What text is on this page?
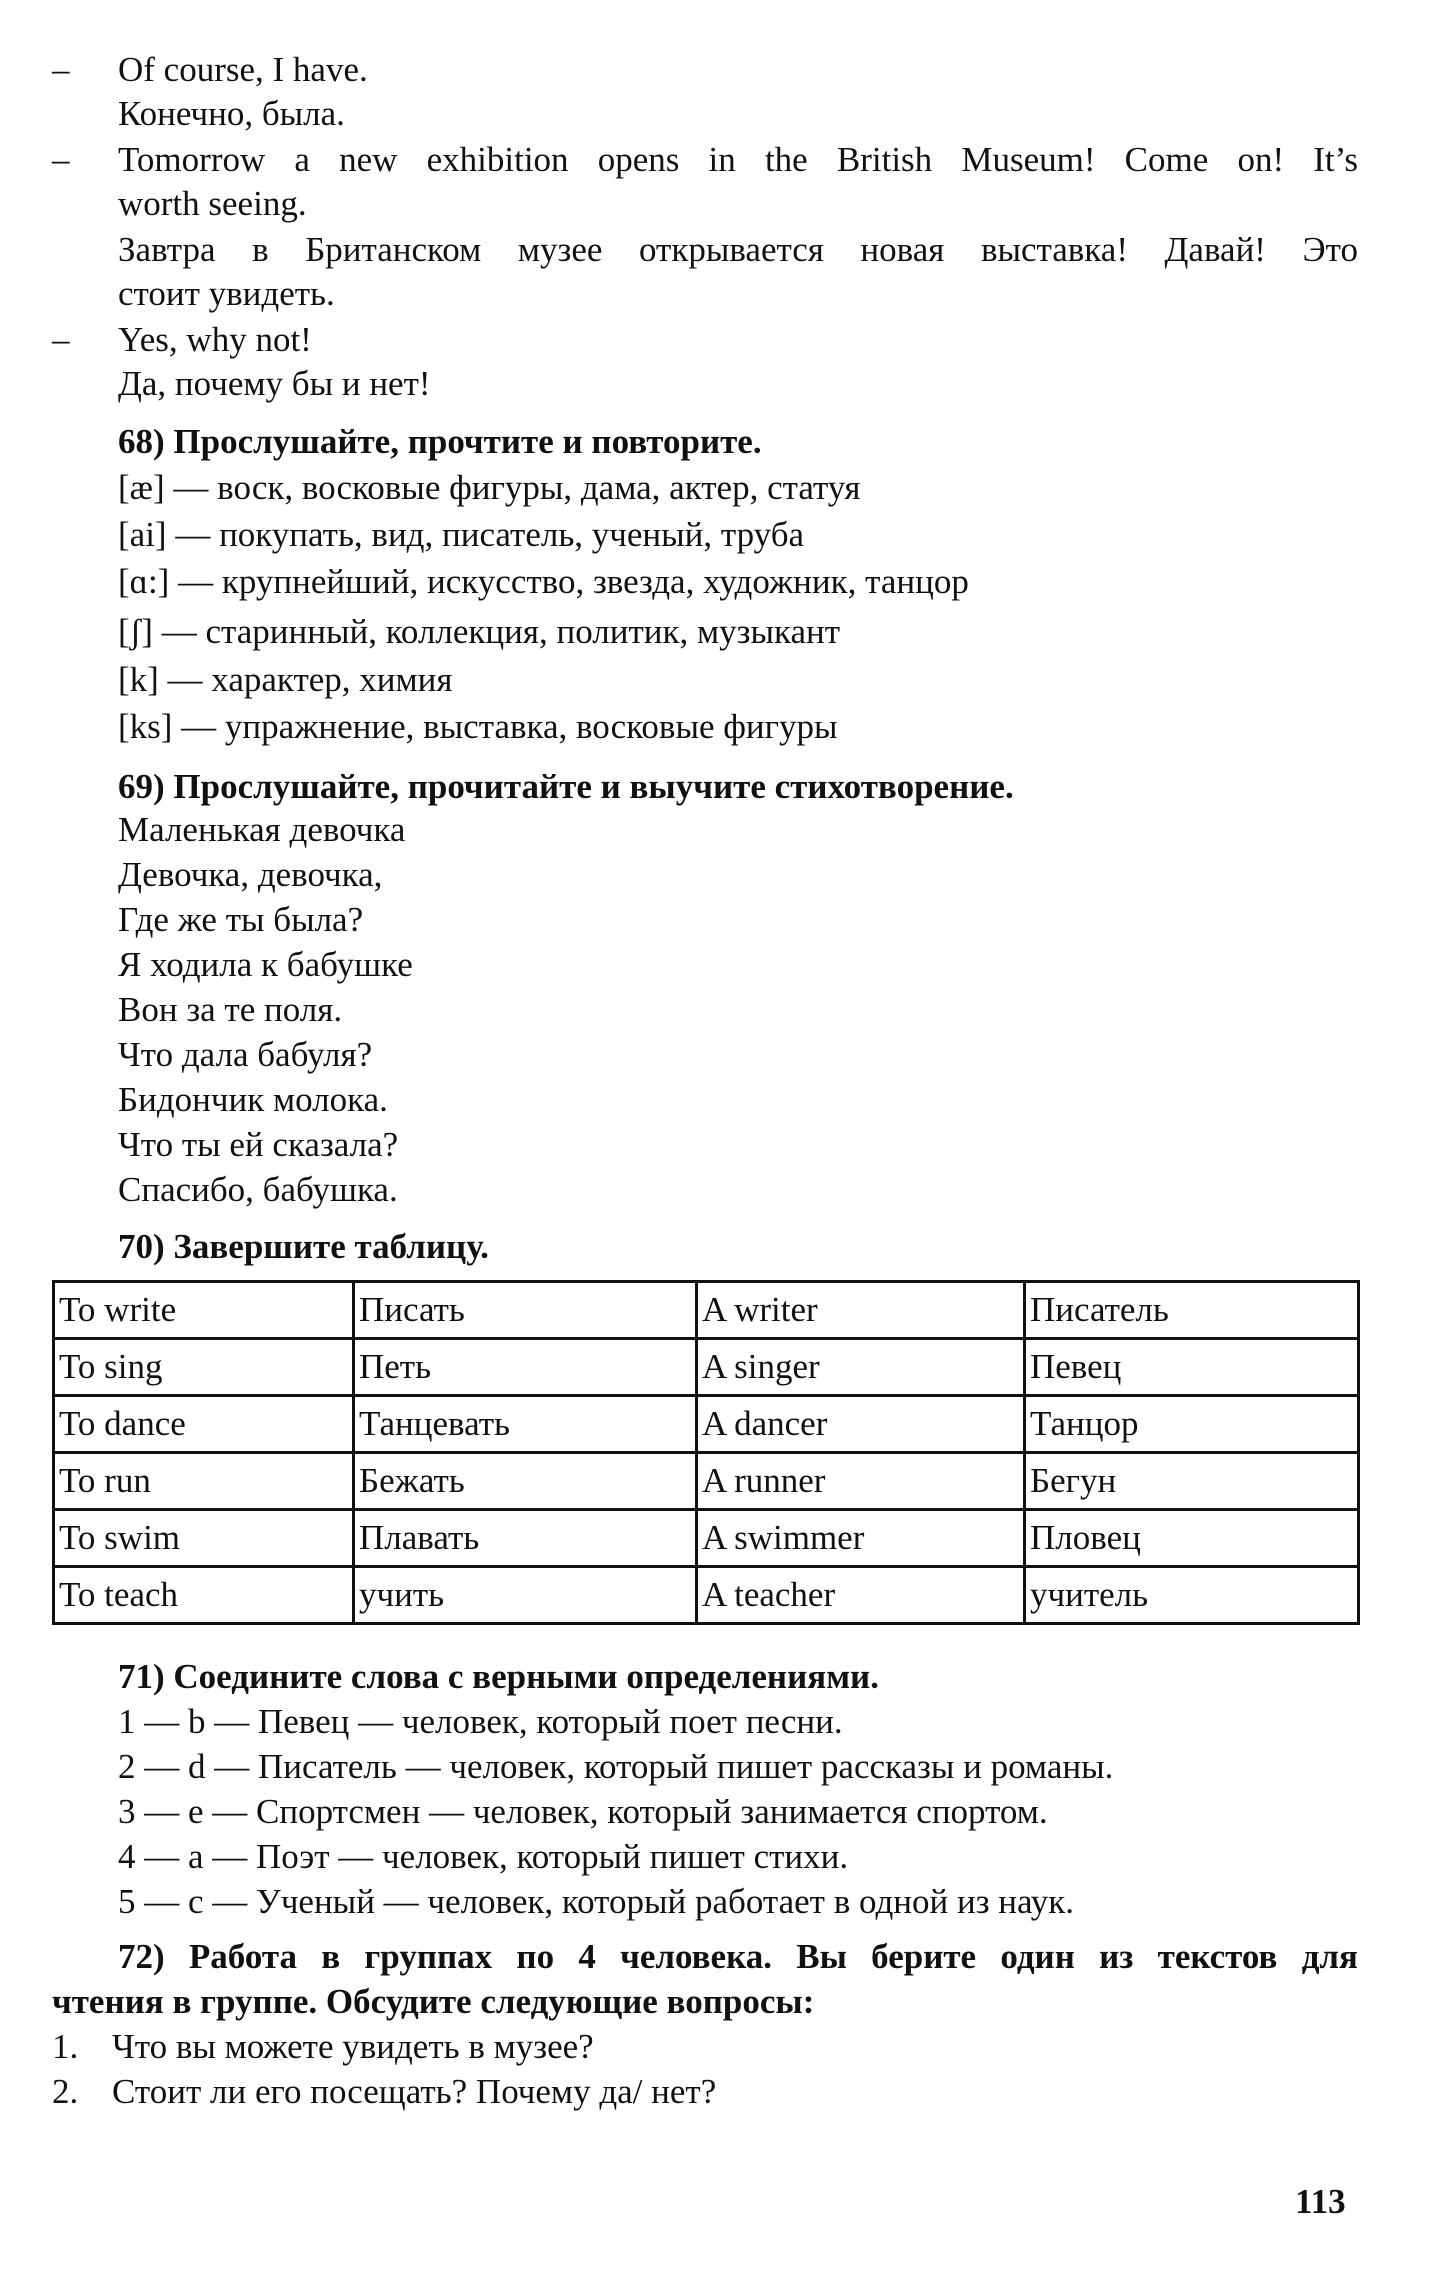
– Of course, I have.
Конечно, была.
– Tomorrow a new exhibition opens in the British Museum! Come on! It’s
worth seeing.
Завтра в Британском музее открывается новая выставка! Давай! Это
стоит увидеть.
– Yes, why not!
Да, почему бы и нет!
68) Прослушайте, прочтите и повторите.
[æ] — воск, восковые фигуры, дама, актер, статуя
[ai] — покупать, вид, писатель, ученый, труба
[ɑ:] — крупнейший, искусство, звезда, художник, танцор
[ʃ] — старинный, коллекция, политик, музыкант
[k] — характер, химия
[ks] — упражнение, выставка, восковые фигуры
69) Прослушайте, прочитайте и выучите стихотворение.
Маленькая девочка
Девочка, девочка,
Где же ты была?
Я ходила к бабушке
Вон за те поля.
Что дала бабуля?
Бидончик молока.
Что ты ей сказала?
Спасибо, бабушка.
70) Завершите таблицу.
To write	Писать	A writer	Писатель
To sing	Петь	A singer	Певец
To dance	Танцевать	A dancer	Танцор
To run	Бежать	A runner	Бегун
To swim	Плавать	A swimmer	Пловец
To teach	учить	A teacher	учитель
71) Соедините слова с верными определениями.
1 — b — Певец — человек, который поет песни.
2 — d — Писатель — человек, который пишет рассказы и романы.
3 — e — Спортсмен — человек, который занимается спортом.
4 — a — Поэт — человек, который пишет стихи.
5 — c — Ученый — человек, который работает в одной из наук.
72) Работа в группах по 4 человека. Вы берите один из текстов для
чтения в группе. Обсудите следующие вопросы:
1. Что вы можете увидеть в музее?
2. Стоит ли его посещать? Почему да/ нет?
113
